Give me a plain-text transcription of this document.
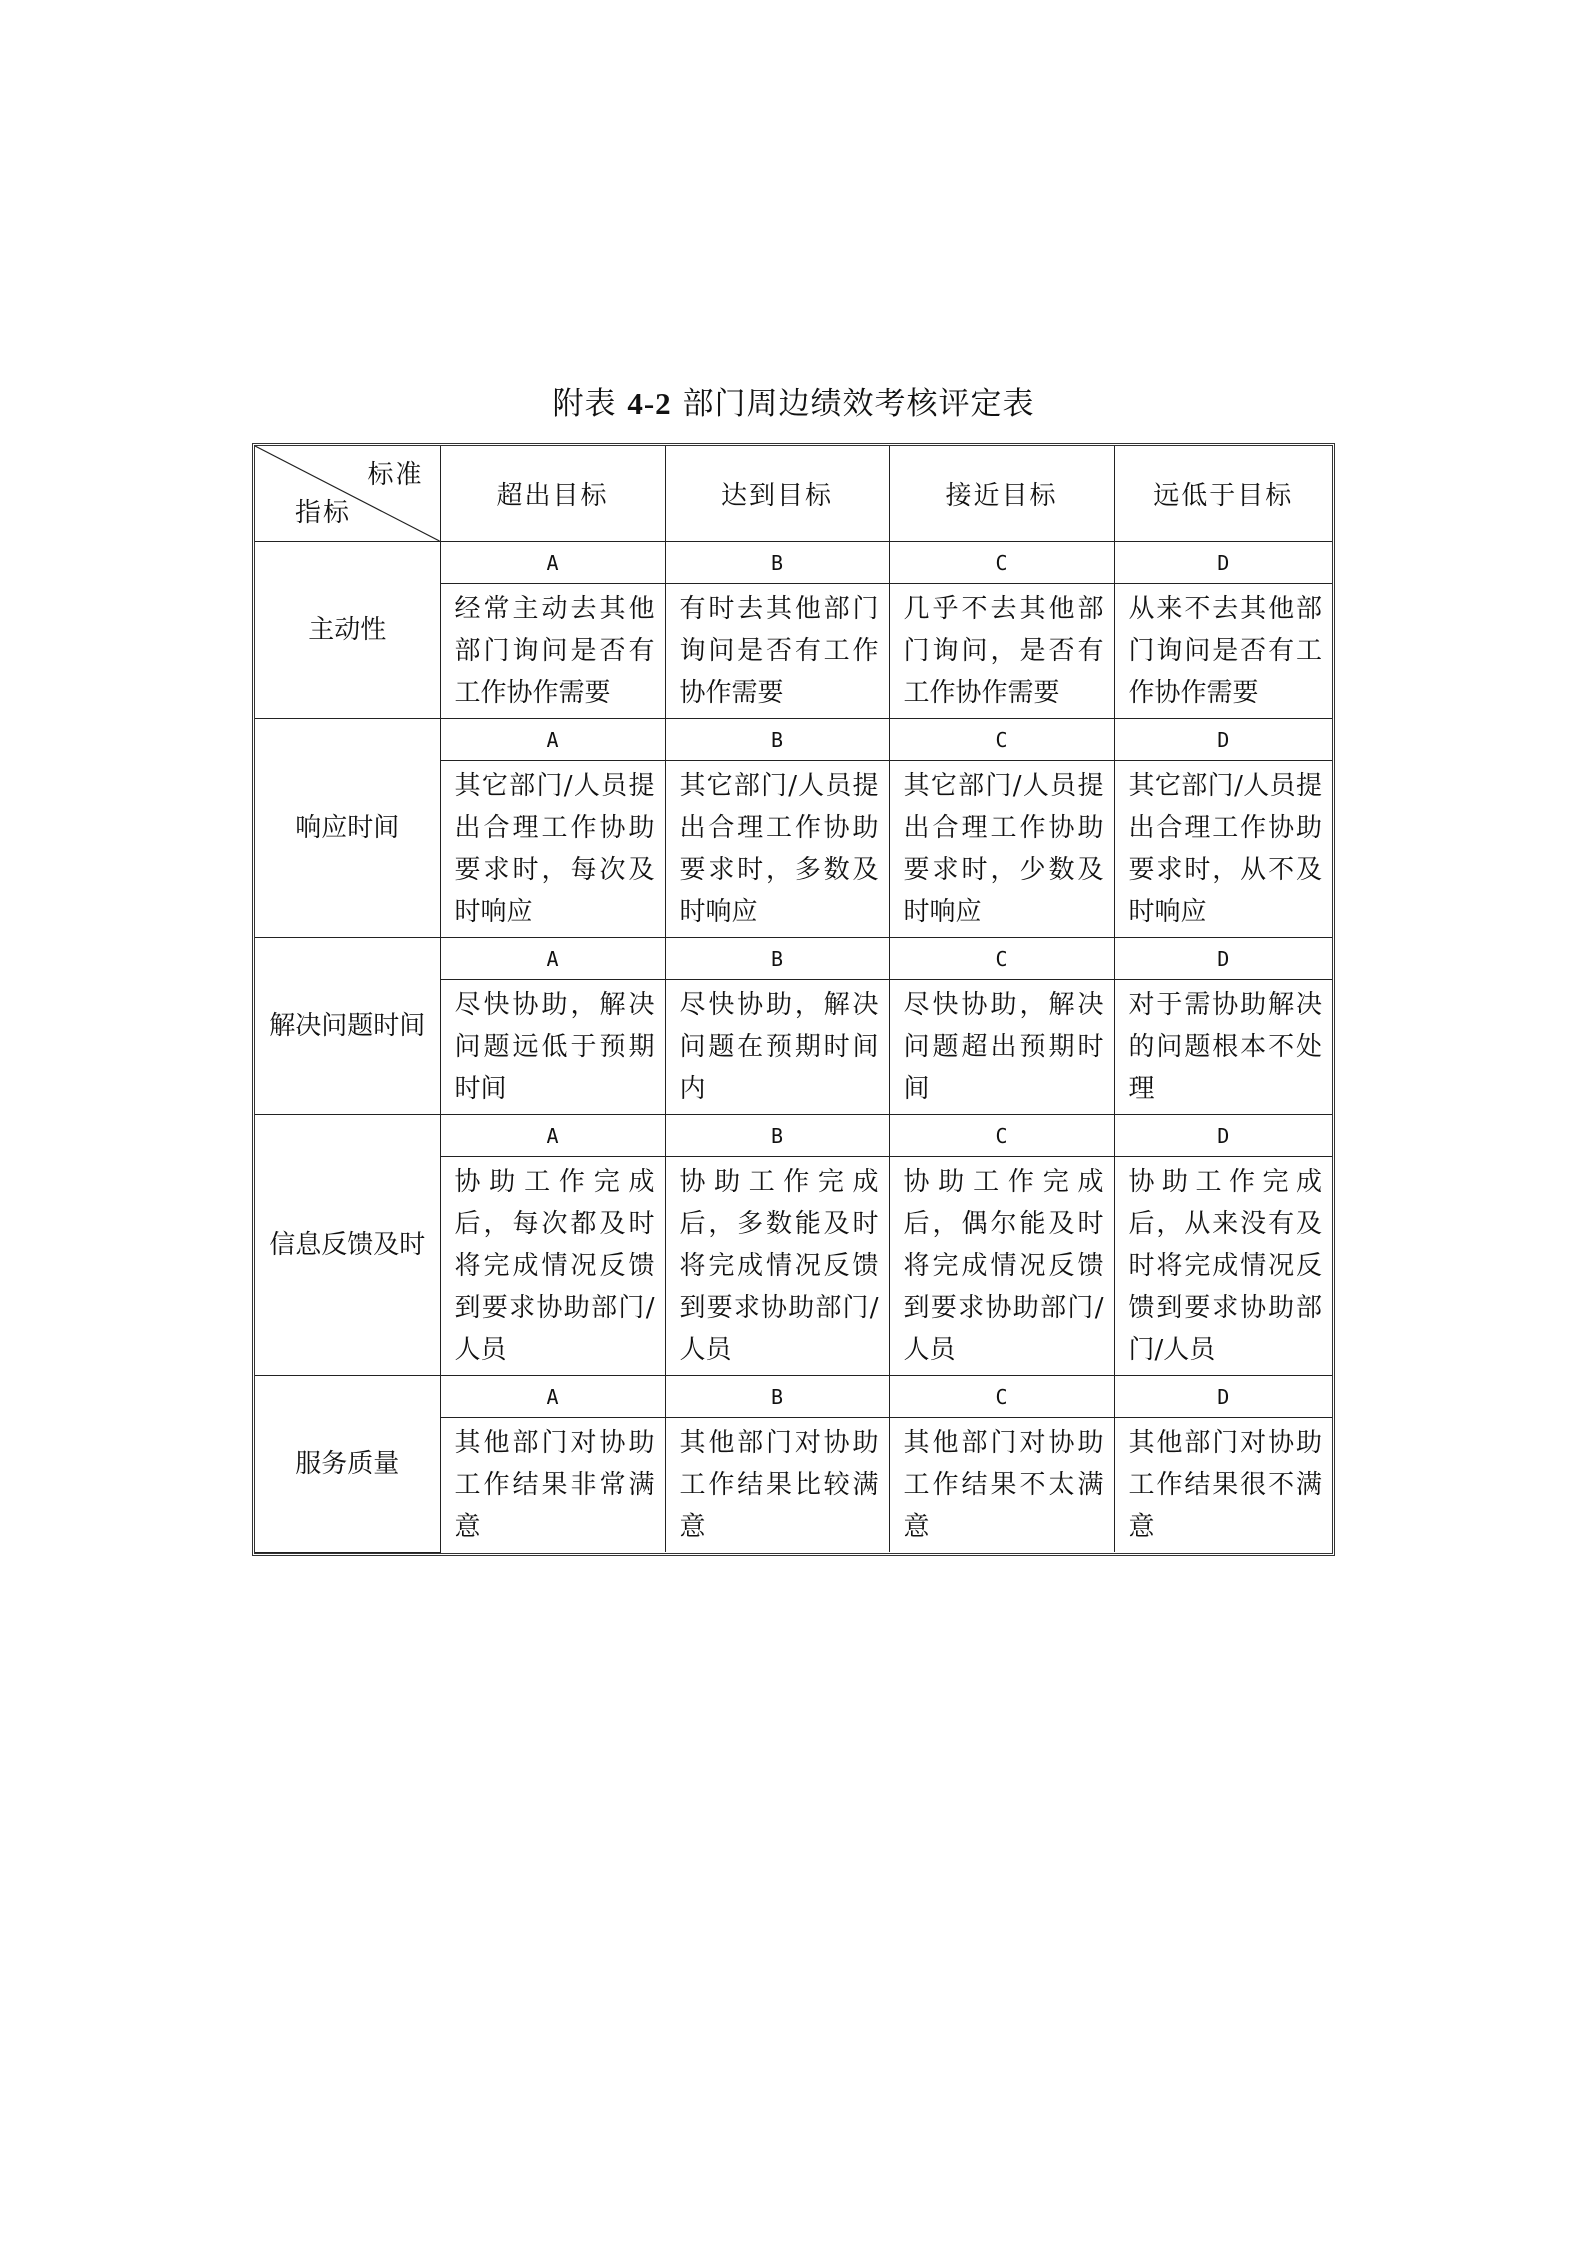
附表 4-2 部门周边绩效考核评定表
标准
指标	超出目标	达到目标	接近目标	远低于目标
主动性	A	B	C	D
	经常主动去其他部门询问是否有工作协作需要	有时去其他部门询问是否有工作协作需要	几乎不去其他部门询问，是否有工作协作需要	从来不去其他部门询问是否有工作协作需要
响应时间	A	B	C	D
	其它部门/人员提出合理工作协助要求时，每次及时响应	其它部门/人员提出合理工作协助要求时，多数及时响应	其它部门/人员提出合理工作协助要求时，少数及时响应	其它部门/人员提出合理工作协助要求时，从不及时响应
解决问题时间	A	B	C	D
	尽快协助，解决问题远低于预期时间	尽快协助，解决问题在预期时间内	尽快协助，解决问题超出预期时间	对于需协助解决的问题根本不处理
信息反馈及时	A	B	C	D
	协助工作完成后，每次都及时将完成情况反馈到要求协助部门/人员	协助工作完成后，多数能及时将完成情况反馈到要求协助部门/人员	协助工作完成后，偶尔能及时将完成情况反馈到要求协助部门/人员	协助工作完成后，从来没有及时将完成情况反馈到要求协助部门/人员
服务质量	A	B	C	D
	其他部门对协助工作结果非常满意	其他部门对协助工作结果比较满意	其他部门对协助工作结果不太满意	其他部门对协助工作结果很不满意
